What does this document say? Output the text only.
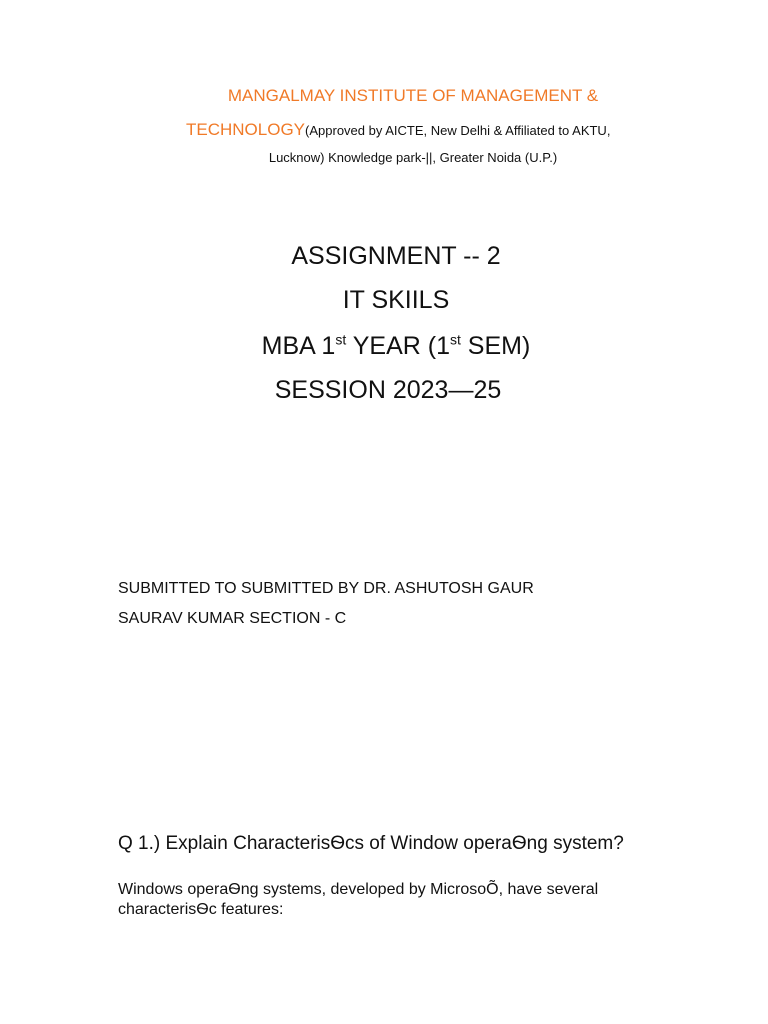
MANGALMAY INSTITUTE OF MANAGEMENT &
TECHNOLOGY(Approved by AICTE, New Delhi & Affiliated to AKTU,
Lucknow) Knowledge park-||, Greater Noida (U.P.)
ASSIGNMENT -- 2
IT SKIILS
MBA 1st YEAR (1st SEM)
SESSION 2023—25
SUBMITTED TO SUBMITTED BY DR. ASHUTOSH GAUR
SAURAV KUMAR SECTION - C
Q 1.) Explain CharacterisѲcs of Window operaѲng system?
Windows operaѲng systems, developed by MicrosoÕ, have several characterisѲc features:
